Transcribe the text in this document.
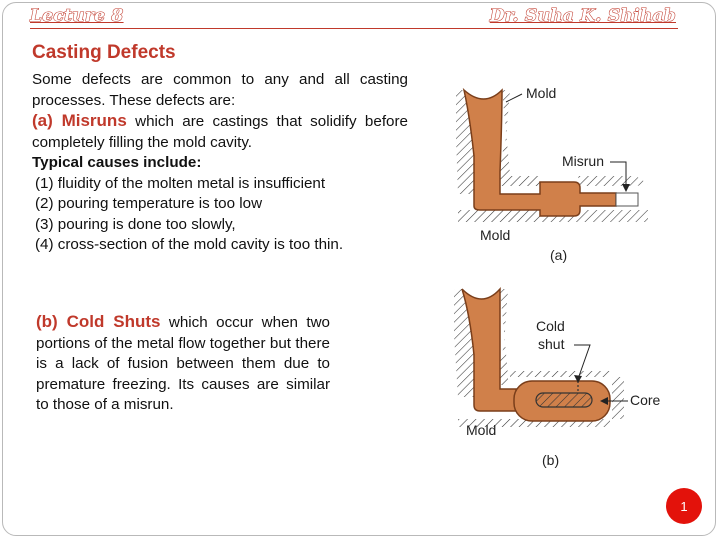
Lecture 8	Dr. Suha K. Shihab
Casting Defects

Some defects are common to any and all casting processes. These defects are:

(a) Misruns which are castings that solidify before completely filling the mold cavity.

Typical causes include:

(1) fluidity of the molten metal is insufficient

(2) pouring temperature is too low

(3) pouring is done too slowly,

(4) cross-section of the mold cavity is too thin.

(b) Cold Shuts which occur when two portions of the metal flow together but there is a lack of fusion between them due to premature freezing. Its causes are similar to those of a misrun.

Mold
Misrun
Mold
(a)
Cold
shut
Core
Mold
(b)
1
